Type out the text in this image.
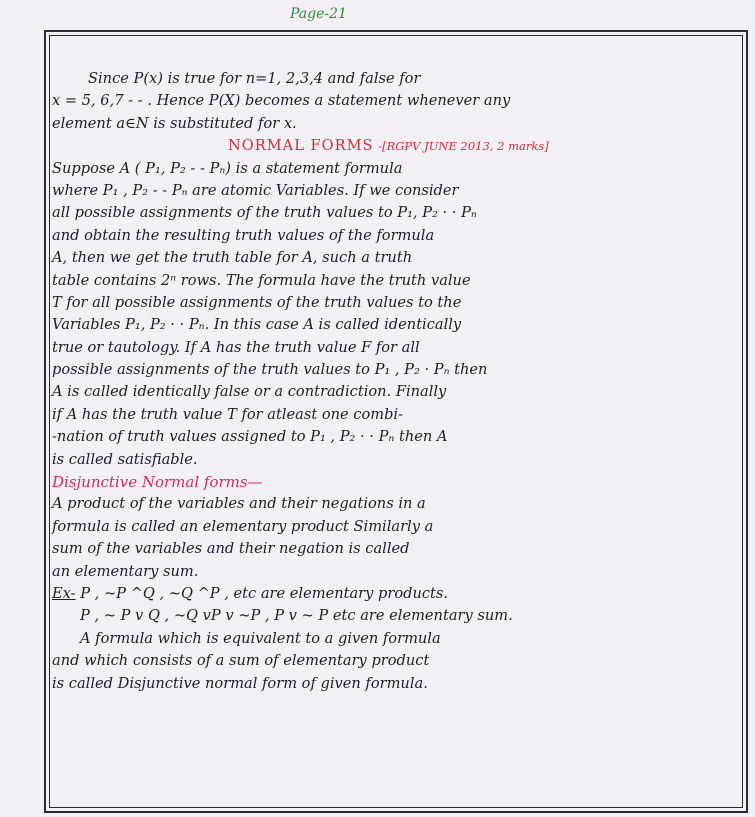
Page-21

Since P(x) is true for n=1, 2,3,4 and false for

x = 5, 6,7 - - . Hence P(X) becomes a statement whenever any

element a∈N is substituted for x.

NORMAL FORMS -[RGPV JUNE 2013, 2 marks]

Suppose A ( P₁, P₂ - - Pₙ) is a statement formula

where P₁ , P₂ - - Pₙ are atomic Variables. If we consider

all possible assignments of the truth values to P₁, P₂ · · Pₙ

and obtain the resulting truth values of the formula

A, then we get the truth table for A, such a truth

table contains 2ⁿ rows. The formula have the truth value

T for all possible assignments of the truth values to the

Variables P₁, P₂ · · Pₙ. In this case A is called identically

true or tautology. If A has the truth value F for all

possible assignments of the truth values to P₁ , P₂ · Pₙ then

A is called identically false or a contradiction. Finally

if A has the truth value T for atleast one combi-

-nation of truth values assigned to P₁ , P₂ · · Pₙ then A

is called satisfiable.

Disjunctive Normal forms—

A product of the variables and their negations in a

formula is called an elementary product Similarly a

sum of the variables and their negation is called

an elementary sum.

Ex- P , ~P ^Q , ~Q ^P , etc are elementary products.

P , ~ P v Q , ~Q vP v ~P , P v ~ P etc are elementary sum.

A formula which is equivalent to a given formula

and which consists of a sum of elementary product

is called Disjunctive normal form of given formula.
